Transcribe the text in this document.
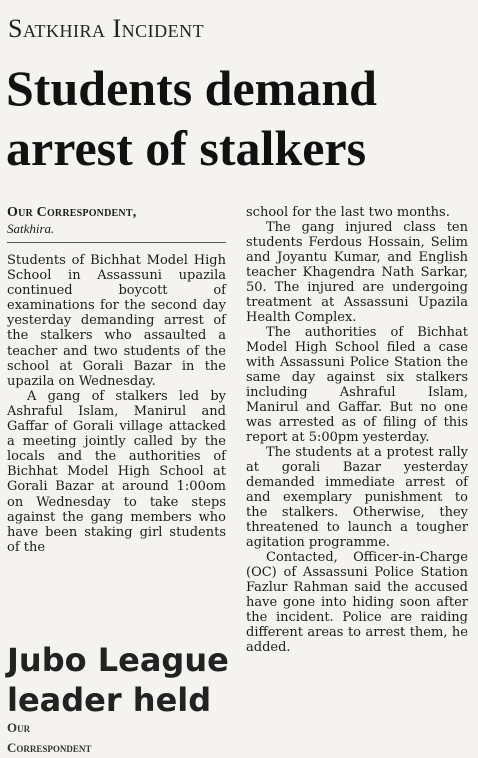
Satkhira Incident
Students demand arrest of stalkers

Our Correspondent,

Satkhira.

Students of Bichhat Model High School in Assassuni upazila continued boycott of examinations for the second day yesterday demanding arrest of the stalkers who assaulted a teacher and two students of the school at Gorali Bazar in the upazila on Wednesday.

A gang of stalkers led by Ashraful Islam, Manirul and Gaffar of Gorali village attacked a meeting jointly called by the locals and the authorities of Bichhat Model High School at Gorali Bazar at around 1:00om on Wednesday to take steps against the gang members who have been staking girl students of the

school for the last two months.

The gang injured class ten students Ferdous Hossain, Selim and Joyantu Kumar, and English teacher Khagendra Nath Sarkar, 50. The injured are undergoing treatment at Assassuni Upazila Health Complex.

The authorities of Bichhat Model High School filed a case with Assassuni Police Station the same day against six stalkers including Ashraful Islam, Manirul and Gaffar. But no one was arrested as of filing of this report at 5:00pm yesterday.

The students at a protest rally at gorali Bazar yesterday demanded immediate arrest of and exemplary punishment to the stalkers. Otherwise, they threatened to launch a tougher agitation programme.

Contacted, Officer-in-Charge (OC) of Assassuni Police Station Fazlur Rahman said the accused have gone into hiding soon after the incident. Police are raiding different areas to arrest them, he added.

Jubo League leader held
Our Correspondent
